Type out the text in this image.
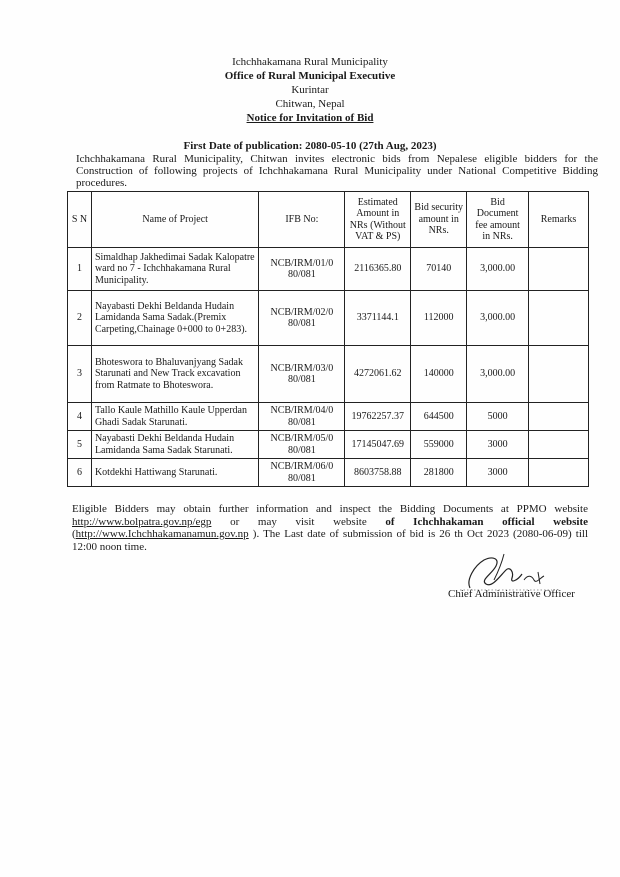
Ichchhakamana Rural Municipality
Office of Rural Municipal Executive
Kurintar
Chitwan, Nepal
Notice for Invitation of Bid
First Date of publication: 2080-05-10 (27th Aug, 2023)
Ichchhakamana Rural Municipality, Chitwan invites electronic bids from Nepalese eligible bidders for the Construction of following projects of Ichchhakamana Rural Municipality under National Competitive Bidding procedures.
S N	Name of Project	IFB No:	Estimated Amount in NRs (Without VAT & PS)	Bid security amount in NRs.	Bid Document fee amount in NRs.	Remarks
1	Simaldhap Jakhedimai Sadak Kalopatre ward no 7 - Ichchhakamana Rural Municipality.	NCB/IRM/01/0 80/081	2116365.80	70140	3,000.00	
2	Nayabasti Dekhi Beldanda Hudain Lamidanda Sama Sadak.(Premix Carpeting,Chainage 0+000 to 0+283).	NCB/IRM/02/0 80/081	3371144.1	112000	3,000.00	
3	Bhoteswora to Bhaluvanjyang Sadak Starunati and New Track excavation from Ratmate to Bhoteswora.	NCB/IRM/03/0 80/081	4272061.62	140000	3,000.00	
4	Tallo Kaule Mathillo Kaule Upperdan Ghadi Sadak Starunati.	NCB/IRM/04/0 80/081	19762257.37	644500	5000	
5	Nayabasti Dekhi Beldanda Hudain Lamidanda Sama Sadak Starunati.	NCB/IRM/05/0 80/081	17145047.69	559000	3000	
6	Kotdekhi Hattiwang Starunati.	NCB/IRM/06/0 80/081	8603758.88	281800	3000	
Eligible Bidders may obtain further information and inspect the Bidding Documents at PPMO website http://www.bolpatra.gov.np/egp or may visit website of Ichchhakaman official website (http://www.Ichchhakamanamun.gov.np ). The Last date of submission of bid is 26 th Oct 2023 (2080-06-09) till 12:00 noon time.
Chief Administrative Officer
